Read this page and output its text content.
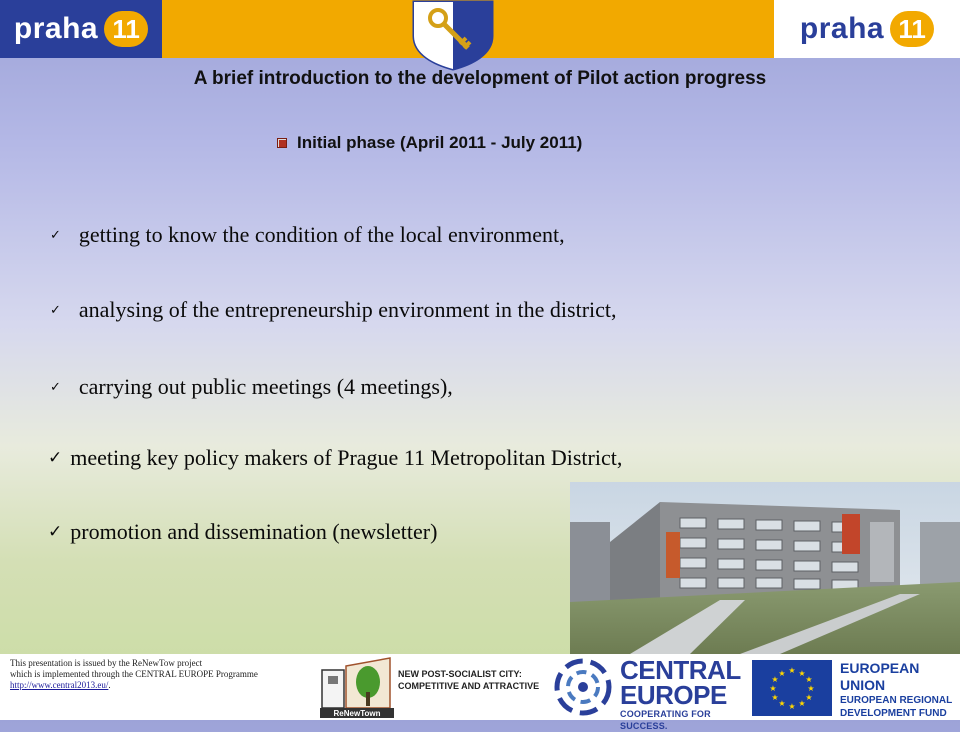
praha 11	praha 11
A brief introduction to the development of Pilot action progress
Initial phase (April 2011 - July 2011)
✓ getting to know the condition of the local environment,
✓ analysing of the entrepreneurship environment in the district,
✓ carrying out public meetings (4 meetings),
✓ meeting key policy makers of Prague 11 Metropolitan District,
✓ promotion and dissemination (newsletter)
This presentation is issued by the ReNewTow project
which is implemented through the CENTRAL EUROPE Programme
http://www.central2013.eu/.
ReNewTown
NEW POST-SOCIALIST CITY:
COMPETITIVE AND ATTRACTIVE
CENTRAL
EUROPE
COOPERATING FOR SUCCESS.
★ ★
★
★
★
★
★
★
★
★
★
★	EUROPEAN UNION
EUROPEAN REGIONAL
DEVELOPMENT FUND
